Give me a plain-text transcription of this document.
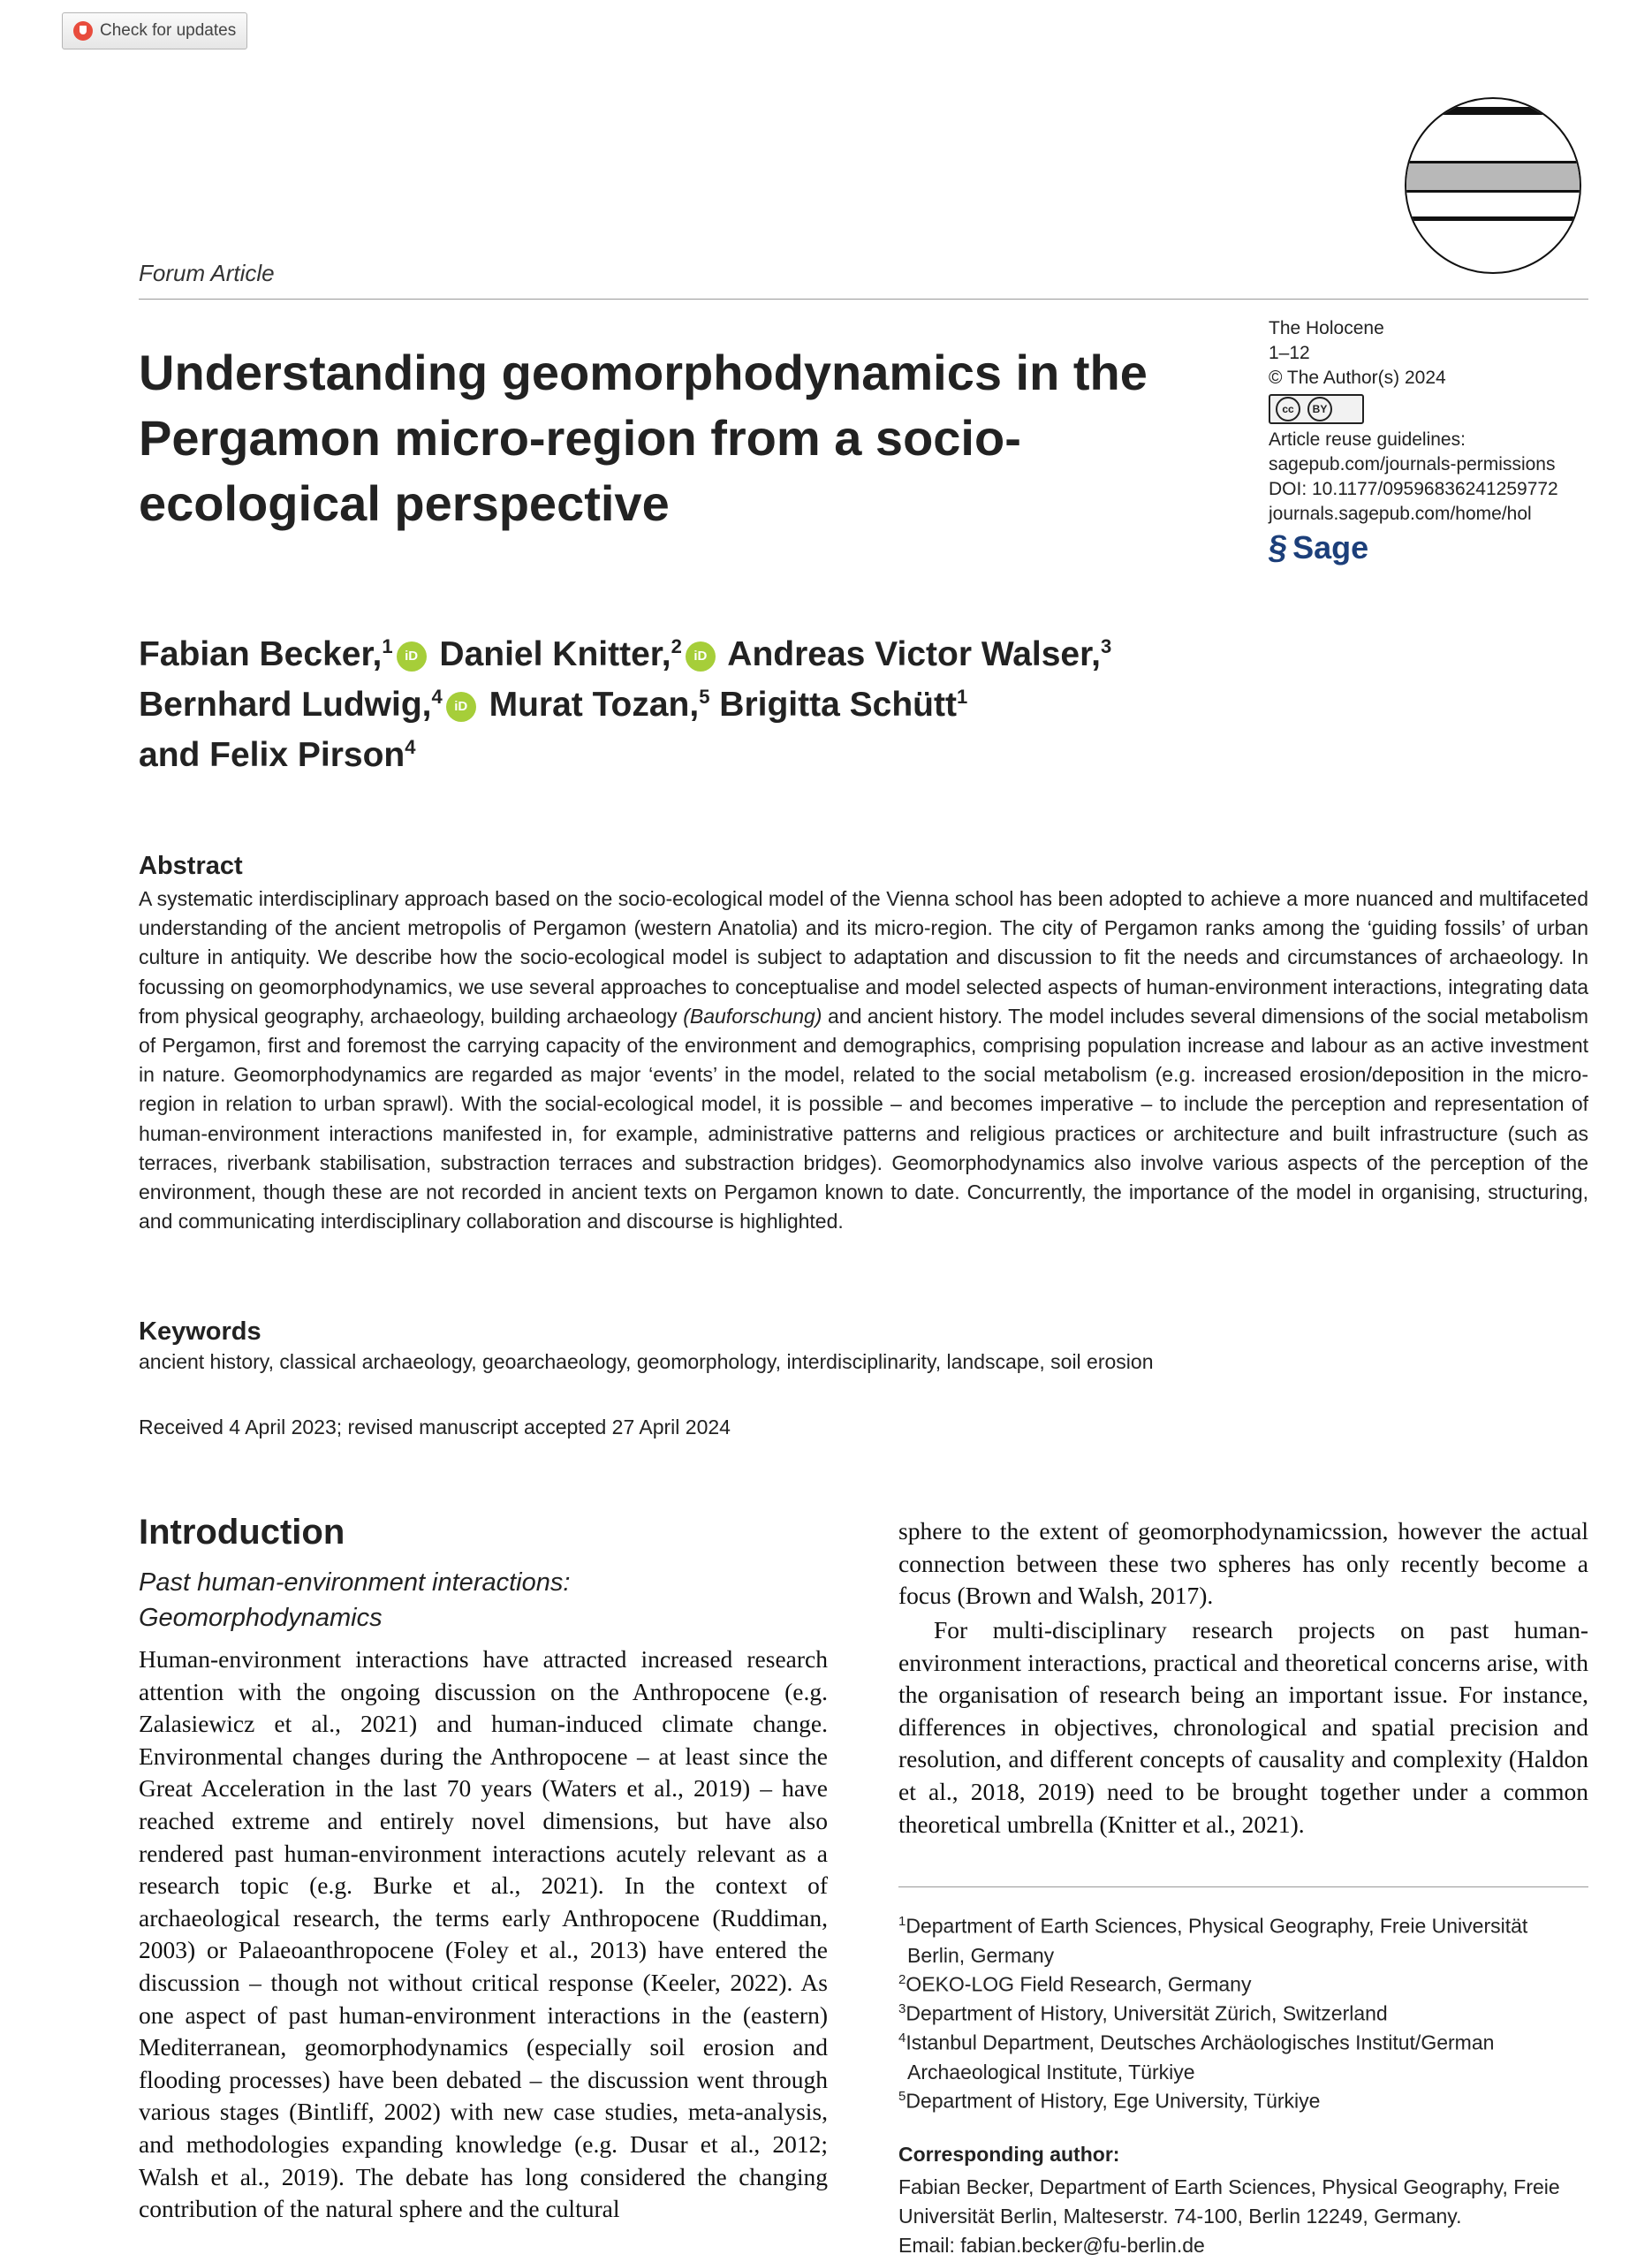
Check for updates
Forum Article
Understanding geomorphodynamics in the Pergamon micro-region from a socio-ecological perspective
The Holocene
1–12
© The Author(s) 2024
cc	BY
Article reuse guidelines:
sagepub.com/journals-permissions
DOI: 10.1177/09596836241259772
journals.sagepub.com/home/hol
§ Sage
Fabian Becker,$^1$ iD Daniel Knitter,$^2$ iD Andreas Victor Walser,$^3$
Bernhard Ludwig,$^4$ iD Murat Tozan,$^5$ Brigitta Schütt$^1$
and Felix Pirson$^4$
Abstract

A systematic interdisciplinary approach based on the socio-ecological model of the Vienna school has been adopted to achieve a more nuanced and multifaceted understanding of the ancient metropolis of Pergamon (western Anatolia) and its micro-region. The city of Pergamon ranks among the ‘guiding fossils’ of urban culture in antiquity. We describe how the socio-ecological model is subject to adaptation and discussion to fit the needs and circumstances of archaeology. In focussing on geomorphodynamics, we use several approaches to conceptualise and model selected aspects of human-environment interactions, integrating data from physical geography, archaeology, building archaeology (Bauforschung) and ancient history. The model includes several dimensions of the social metabolism of Pergamon, first and foremost the carrying capacity of the environment and demographics, comprising population increase and labour as an active investment in nature. Geomorphodynamics are regarded as major ‘events’ in the model, related to the social metabolism (e.g. increased erosion/deposition in the micro-region in relation to urban sprawl). With the social-ecological model, it is possible – and becomes imperative – to include the perception and representation of human-environment interactions manifested in, for example, administrative patterns and religious practices or architecture and built infrastructure (such as terraces, riverbank stabilisation, substraction terraces and substraction bridges). Geomorphodynamics also involve various aspects of the perception of the environment, though these are not recorded in ancient texts on Pergamon known to date. Concurrently, the importance of the model in organising, structuring, and communicating interdisciplinary collaboration and discourse is highlighted.

Keywords
ancient history, classical archaeology, geoarchaeology, geomorphology, interdisciplinarity, landscape, soil erosion
Received 4 April 2023; revised manuscript accepted 27 April 2024
Introduction
Past human-environment interactions:
Geomorphodynamics

Human-environment interactions have attracted increased research attention with the ongoing discussion on the Anthropocene (e.g. Zalasiewicz et al., 2021) and human-induced climate change. Environmental changes during the Anthropocene – at least since the Great Acceleration in the last 70 years (Waters et al., 2019) – have reached extreme and entirely novel dimensions, but have also rendered past human-environment interactions acutely relevant as a research topic (e.g. Burke et al., 2021). In the context of archaeological research, the terms early Anthropocene (Ruddiman, 2003) or Palaeoanthropocene (Foley et al., 2013) have entered the discussion – though not without critical response (Keeler, 2022). As one aspect of past human-environment interactions in the (eastern) Mediterranean, geomorphodynamics (especially soil erosion and flooding processes) have been debated – the discussion went through various stages (Bintliff, 2002) with new case studies, meta-analysis, and methodologies expanding knowledge (e.g. Dusar et al., 2012; Walsh et al., 2019). The debate has long considered the changing contribution of the natural sphere and the cultural

sphere to the extent of geomorphodynamicssion, however the actual connection between these two spheres has only recently become a focus (Brown and Walsh, 2017).

For multi-disciplinary research projects on past human-environment interactions, practical and theoretical concerns arise, with the organisation of research being an important issue. For instance, differences in objectives, chronological and spatial precision and resolution, and different concepts of causality and complexity (Haldon et al., 2018, 2019) need to be brought together under a common theoretical umbrella (Knitter et al., 2021).

$^1$Department of Earth Sciences, Physical Geography, Freie Universität
Berlin, Germany
$^2$OEKO-LOG Field Research, Germany
$^3$Department of History, Universität Zürich, Switzerland
$^4$Istanbul Department, Deutsches Archäologisches Institut/German
Archaeological Institute, Türkiye
$^5$Department of History, Ege University, Türkiye
Corresponding author:
Fabian Becker, Department of Earth Sciences, Physical Geography, Freie
Universität Berlin, Malteserstr. 74-100, Berlin 12249, Germany.
Email: fabian.becker@fu-berlin.de
